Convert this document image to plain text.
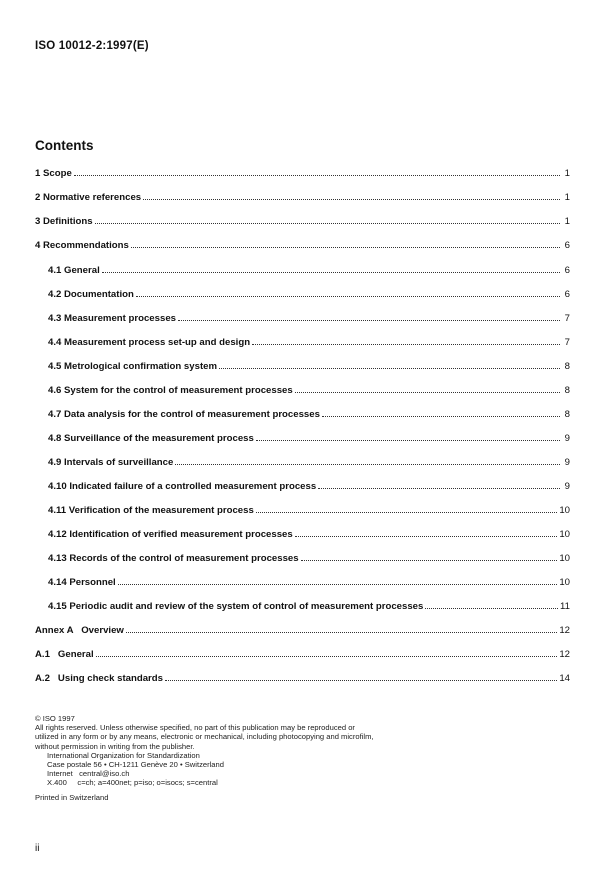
ISO 10012-2:1997(E)
Contents
1 Scope	1
2 Normative references	1
3 Definitions	1
4 Recommendations	6
4.1 General	6
4.2 Documentation	6
4.3 Measurement processes	7
4.4 Measurement process set-up and design	7
4.5 Metrological confirmation system	8
4.6 System for the control of measurement processes	8
4.7 Data analysis for the control of measurement processes	8
4.8 Surveillance of the measurement process	9
4.9 Intervals of surveillance	9
4.10 Indicated failure of a controlled measurement process	9
4.11 Verification of the measurement process	10
4.12 Identification of verified measurement processes	10
4.13 Records of the control of measurement processes	10
4.14 Personnel	10
4.15 Periodic audit and review of the system of control of measurement processes	11
Annex A   Overview	12
A.1   General	12
A.2   Using check standards	14

© ISO 1997

All rights reserved. Unless otherwise specified, no part of this publication may be reproduced or utilized in any form or by any means, electronic or mechanical, including photocopying and microfilm, without permission in writing from the publisher.

International Organization for Standardization

Case postale 56 • CH-1211 Genève 20 • Switzerland

Internet   central@iso.ch

X.400     c=ch; a=400net; p=iso; o=isocs; s=central

Printed in Switzerland

ii
